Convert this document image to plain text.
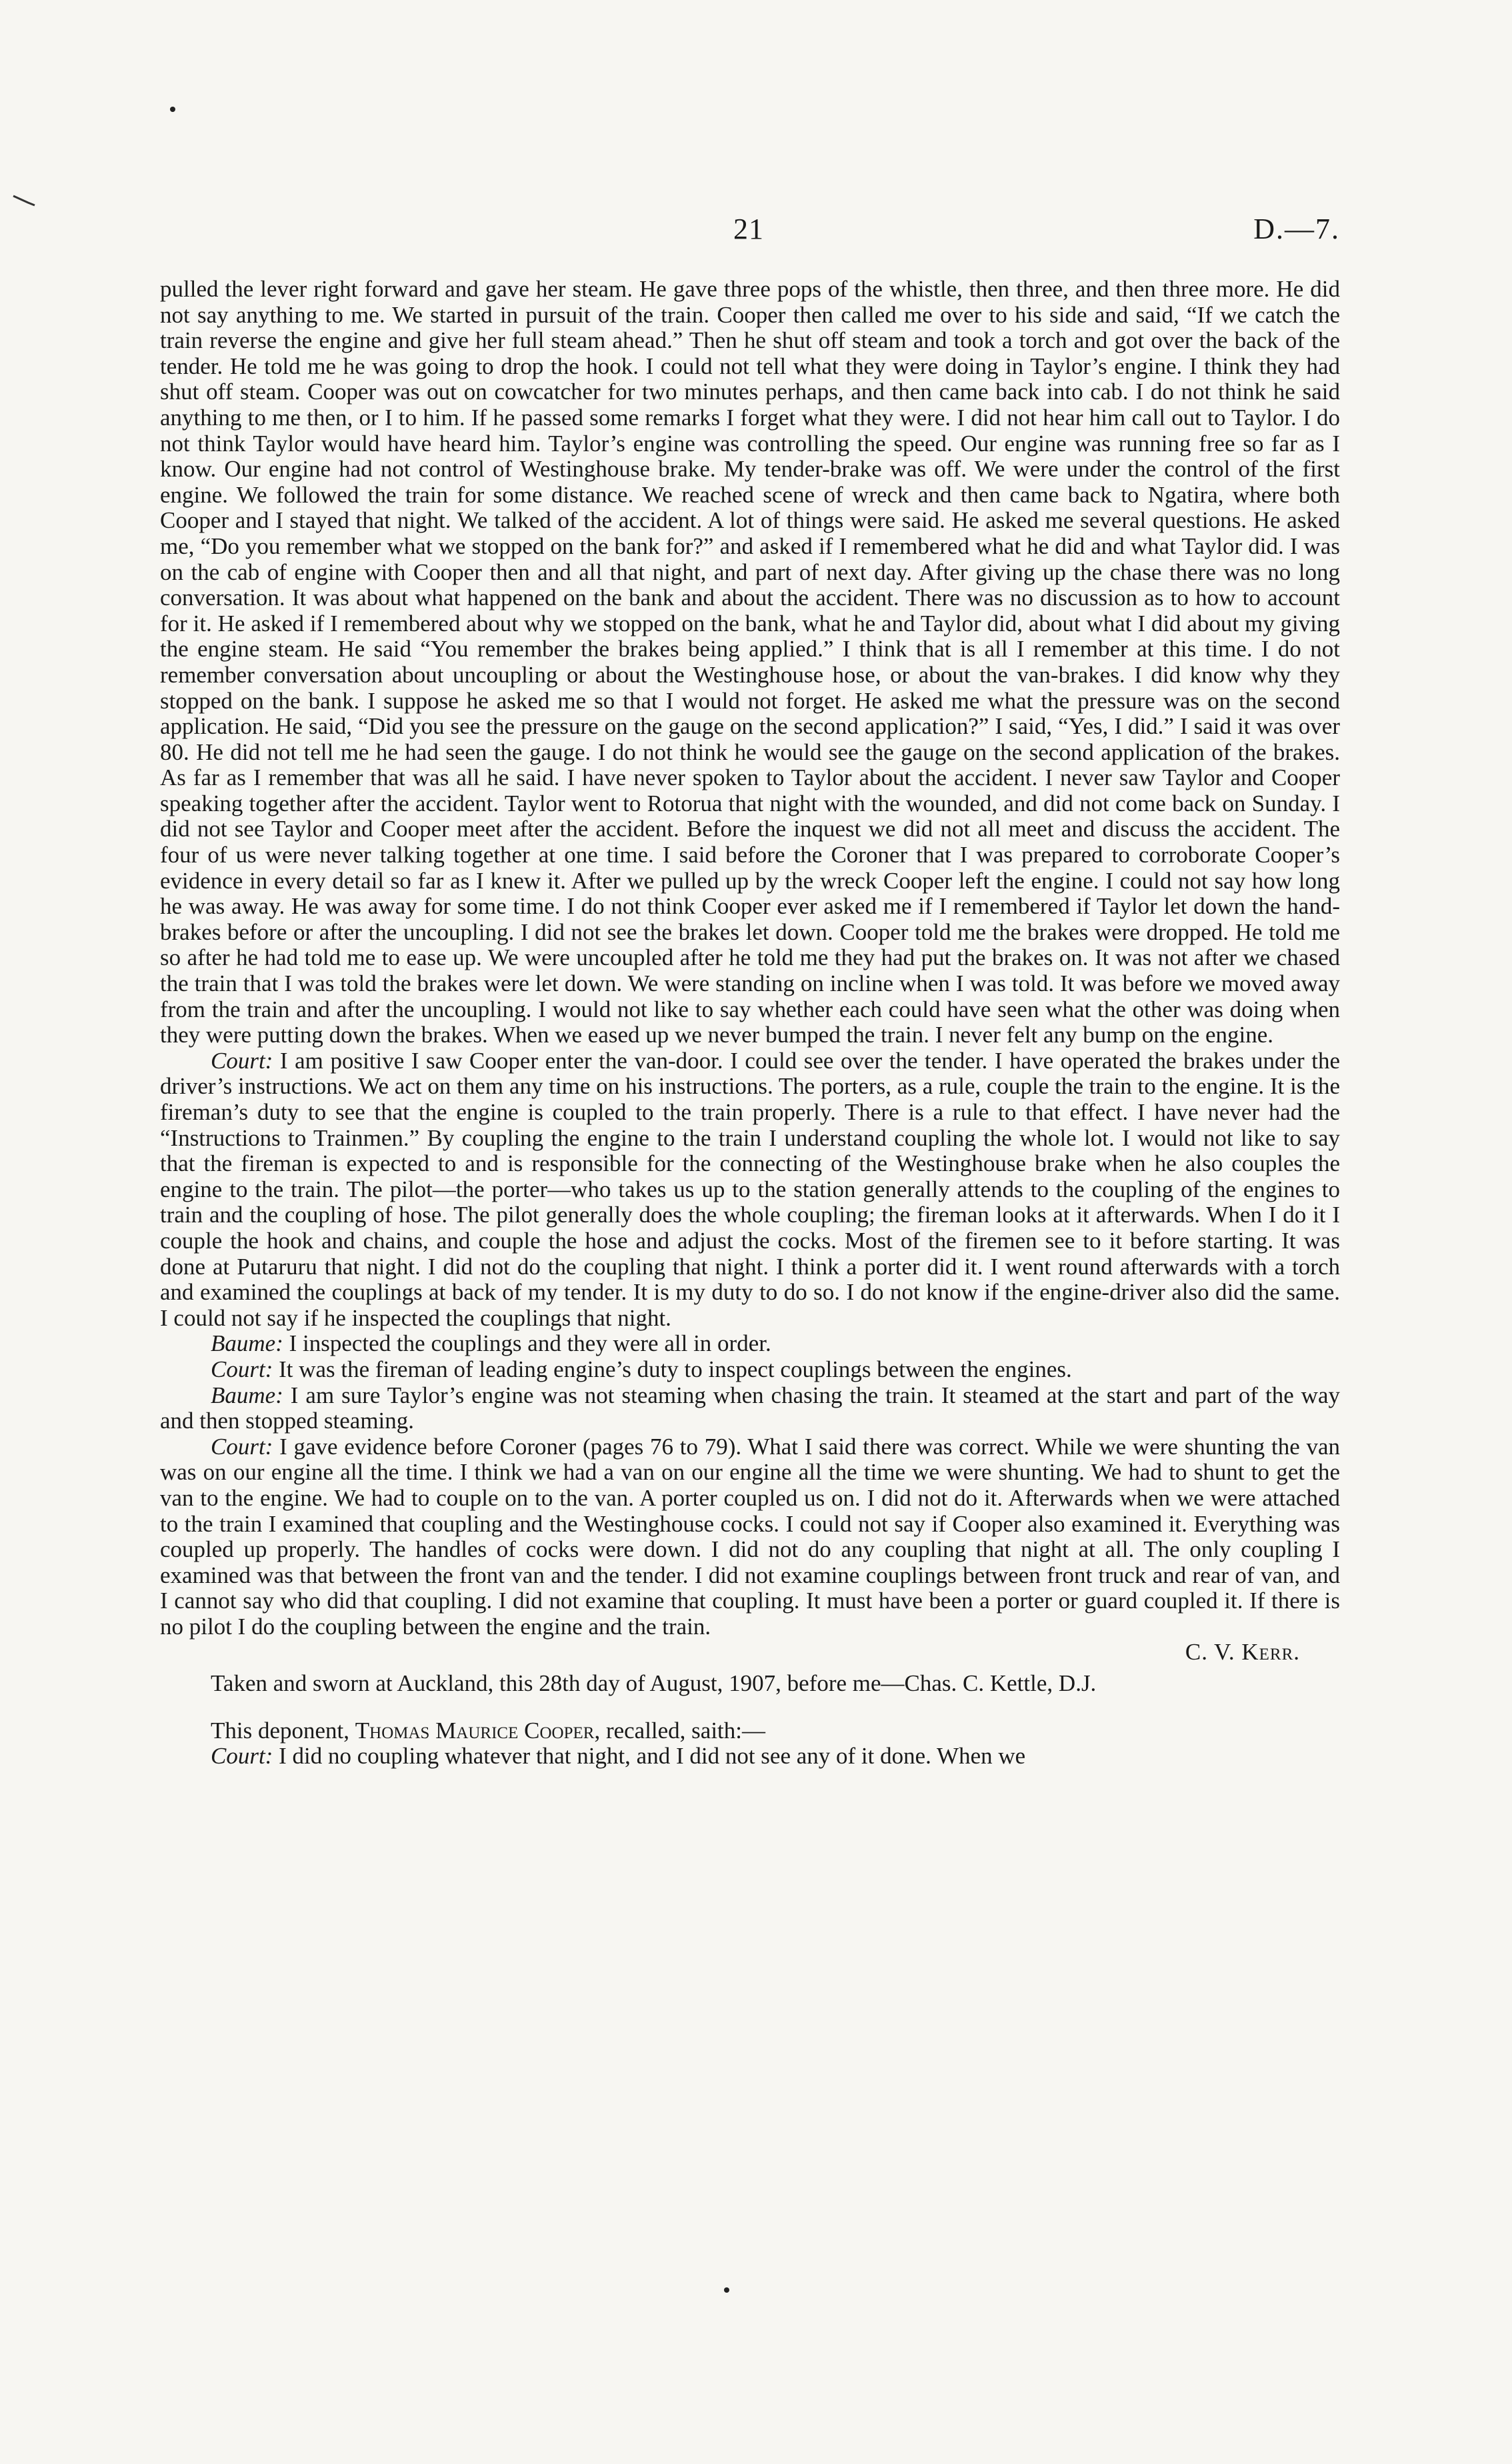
21	D.—7.

pulled the lever right forward and gave her steam. He gave three pops of the whistle, then three, and then three more. He did not say anything to me. We started in pursuit of the train. Cooper then called me over to his side and said, “If we catch the train reverse the engine and give her full steam ahead.” Then he shut off steam and took a torch and got over the back of the tender. He told me he was going to drop the hook. I could not tell what they were doing in Taylor’s engine. I think they had shut off steam. Cooper was out on cowcatcher for two minutes perhaps, and then came back into cab. I do not think he said anything to me then, or I to him. If he passed some remarks I forget what they were. I did not hear him call out to Taylor. I do not think Taylor would have heard him. Taylor’s engine was controlling the speed. Our engine was running free so far as I know. Our engine had not control of Westinghouse brake. My tender-brake was off. We were under the control of the first engine. We followed the train for some distance. We reached scene of wreck and then came back to Ngatira, where both Cooper and I stayed that night. We talked of the accident. A lot of things were said. He asked me several questions. He asked me, “Do you remember what we stopped on the bank for?” and asked if I remembered what he did and what Taylor did. I was on the cab of engine with Cooper then and all that night, and part of next day. After giving up the chase there was no long conversation. It was about what happened on the bank and about the accident. There was no discussion as to how to account for it. He asked if I remembered about why we stopped on the bank, what he and Taylor did, about what I did about my giving the engine steam. He said “You remember the brakes being applied.” I think that is all I remember at this time. I do not remember conversation about uncoupling or about the Westinghouse hose, or about the van-brakes. I did know why they stopped on the bank. I suppose he asked me so that I would not forget. He asked me what the pressure was on the second application. He said, “Did you see the pressure on the gauge on the second application?” I said, “Yes, I did.” I said it was over 80. He did not tell me he had seen the gauge. I do not think he would see the gauge on the second application of the brakes. As far as I remember that was all he said. I have never spoken to Taylor about the accident. I never saw Taylor and Cooper speaking together after the accident. Taylor went to Rotorua that night with the wounded, and did not come back on Sunday. I did not see Taylor and Cooper meet after the accident. Before the inquest we did not all meet and discuss the accident. The four of us were never talking together at one time. I said before the Coroner that I was prepared to corroborate Cooper’s evidence in every detail so far as I knew it. After we pulled up by the wreck Cooper left the engine. I could not say how long he was away. He was away for some time. I do not think Cooper ever asked me if I remembered if Taylor let down the hand-brakes before or after the uncoupling. I did not see the brakes let down. Cooper told me the brakes were dropped. He told me so after he had told me to ease up. We were uncoupled after he told me they had put the brakes on. It was not after we chased the train that I was told the brakes were let down. We were standing on incline when I was told. It was before we moved away from the train and after the uncoupling. I would not like to say whether each could have seen what the other was doing when they were putting down the brakes. When we eased up we never bumped the train. I never felt any bump on the engine.

Court: I am positive I saw Cooper enter the van-door. I could see over the tender. I have operated the brakes under the driver’s instructions. We act on them any time on his instructions. The porters, as a rule, couple the train to the engine. It is the fireman’s duty to see that the engine is coupled to the train properly. There is a rule to that effect. I have never had the “Instructions to Trainmen.” By coupling the engine to the train I understand coupling the whole lot. I would not like to say that the fireman is expected to and is responsible for the connecting of the Westinghouse brake when he also couples the engine to the train. The pilot—the porter—who takes us up to the station generally attends to the coupling of the engines to train and the coupling of hose. The pilot generally does the whole coupling; the fireman looks at it afterwards. When I do it I couple the hook and chains, and couple the hose and adjust the cocks. Most of the firemen see to it before starting. It was done at Putaruru that night. I did not do the coupling that night. I think a porter did it. I went round afterwards with a torch and examined the couplings at back of my tender. It is my duty to do so. I do not know if the engine-driver also did the same. I could not say if he inspected the couplings that night.

Baume: I inspected the couplings and they were all in order.

Court: It was the fireman of leading engine’s duty to inspect couplings between the engines.

Baume: I am sure Taylor’s engine was not steaming when chasing the train. It steamed at the start and part of the way and then stopped steaming.

Court: I gave evidence before Coroner (pages 76 to 79). What I said there was correct. While we were shunting the van was on our engine all the time. I think we had a van on our engine all the time we were shunting. We had to shunt to get the van to the engine. We had to couple on to the van. A porter coupled us on. I did not do it. Afterwards when we were attached to the train I examined that coupling and the Westinghouse cocks. I could not say if Cooper also examined it. Everything was coupled up properly. The handles of cocks were down. I did not do any coupling that night at all. The only coupling I examined was that between the front van and the tender. I did not examine couplings between front truck and rear of van, and I cannot say who did that coupling. I did not examine that coupling. It must have been a porter or guard coupled it. If there is no pilot I do the coupling between the engine and the train.

C. V. Kerr.

Taken and sworn at Auckland, this 28th day of August, 1907, before me—Chas. C. Kettle, D.J.

This deponent, Thomas Maurice Cooper, recalled, saith:—

Court: I did no coupling whatever that night, and I did not see any of it done. When we
